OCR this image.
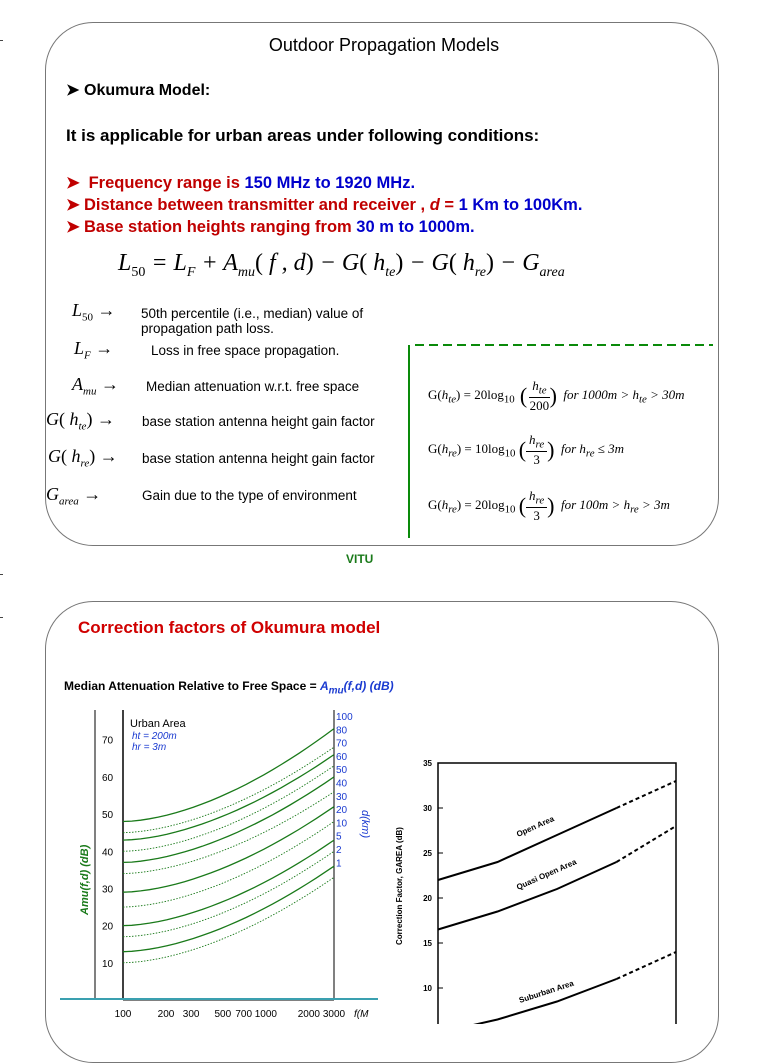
Outdoor Propagation Models
➤ Okumura Model:
It is applicable for urban areas under following conditions:
➤ Frequency range is 150 MHz to 1920 MHz.
➤ Distance between transmitter and receiver , d = 1 Km to 100Km.
➤ Base station heights ranging from 30 m to 1000m.
$L_{50} = L_F + A_{mu}$( f , d) − G( $h_{te}) - G$( $h_{re}) - G_{area}$
$L_{50} \to 50th$ percentile (i.e., median) value of propagation path loss.
$L_F$ →	Loss in free space propagation.
$A_{mu}$ → Median attenuation w.r.t. free space
G( $h_{te}$) → base station antenna height gain factor
G( $h_{re}$) → base station antenna height gain factor
$G_{area}$ →	Gain due to the type of environment
$G(h_{te}) = 20\log_{10}$ ( $h_{te}$
200 )  for $1000m > h_{te} > 30m$
$G(h_{re}) = 10\log_{10}$ ( $h_{re}$
3 )  for $h_{re} \le 3m$
$G(h_{re}) = 20\log_{10}$ ( $h_{re}$
3 )  for $100m > h_{re} > 3m$
VITU
Correction factors of Okumura model
Median Attenuation Relative to Free Space = $A_{mu}(f,d)$ (dB)
10
20
30
40
50
60
70
100
80
70
60
50
40
30
20
10
5
2
1
100	200 300 500 700 1000 2000 3000
Urban Area
ht = 200m
hr = 3m
Amu(f,d) (dB)
d(km)
f(M
35
30
25
20
15
10
Correction Factor, GAREA (dB)
Open Area
Quasi Open Area
Suburban Area
